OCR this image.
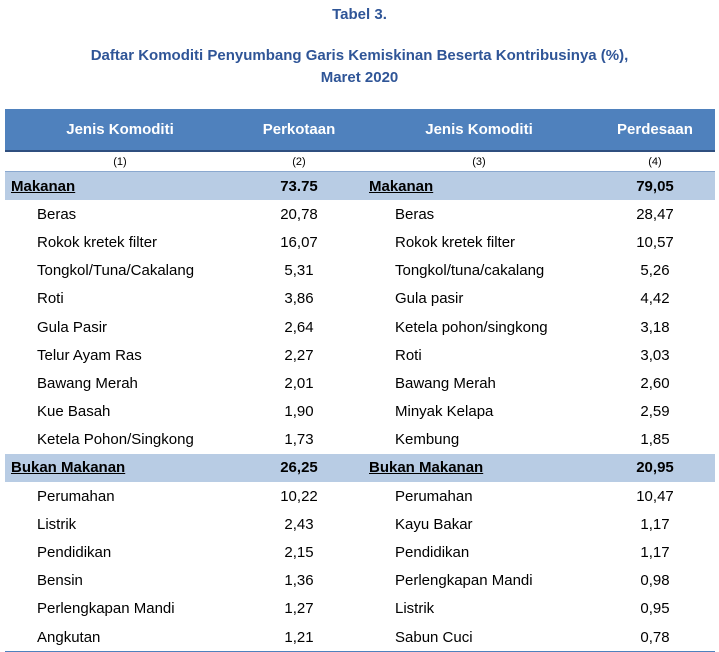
Tabel 3.
Daftar Komoditi Penyumbang Garis Kemiskinan Beserta Kontribusinya (%),
Maret 2020
Jenis Komoditi	Perkotaan	Jenis Komoditi	Perdesaan
(1)	(2)	(3)	(4)
Makanan	73.75	Makanan	79,05
Beras	20,78	Beras	28,47
Rokok kretek filter	16,07	Rokok kretek filter	10,57
Tongkol/Tuna/Cakalang	5,31	Tongkol/tuna/cakalang	5,26
Roti	3,86	Gula pasir	4,42
Gula Pasir	2,64	Ketela pohon/singkong	3,18
Telur Ayam Ras	2,27	Roti	3,03
Bawang Merah	2,01	Bawang Merah	2,60
Kue Basah	1,90	Minyak Kelapa	2,59
Ketela Pohon/Singkong	1,73	Kembung	1,85
Bukan Makanan	26,25	Bukan Makanan	20,95
Perumahan	10,22	Perumahan	10,47
Listrik	2,43	Kayu Bakar	1,17
Pendidikan	2,15	Pendidikan	1,17
Bensin	1,36	Perlengkapan Mandi	0,98
Perlengkapan Mandi	1,27	Listrik	0,95
Angkutan	1,21	Sabun Cuci	0,78
